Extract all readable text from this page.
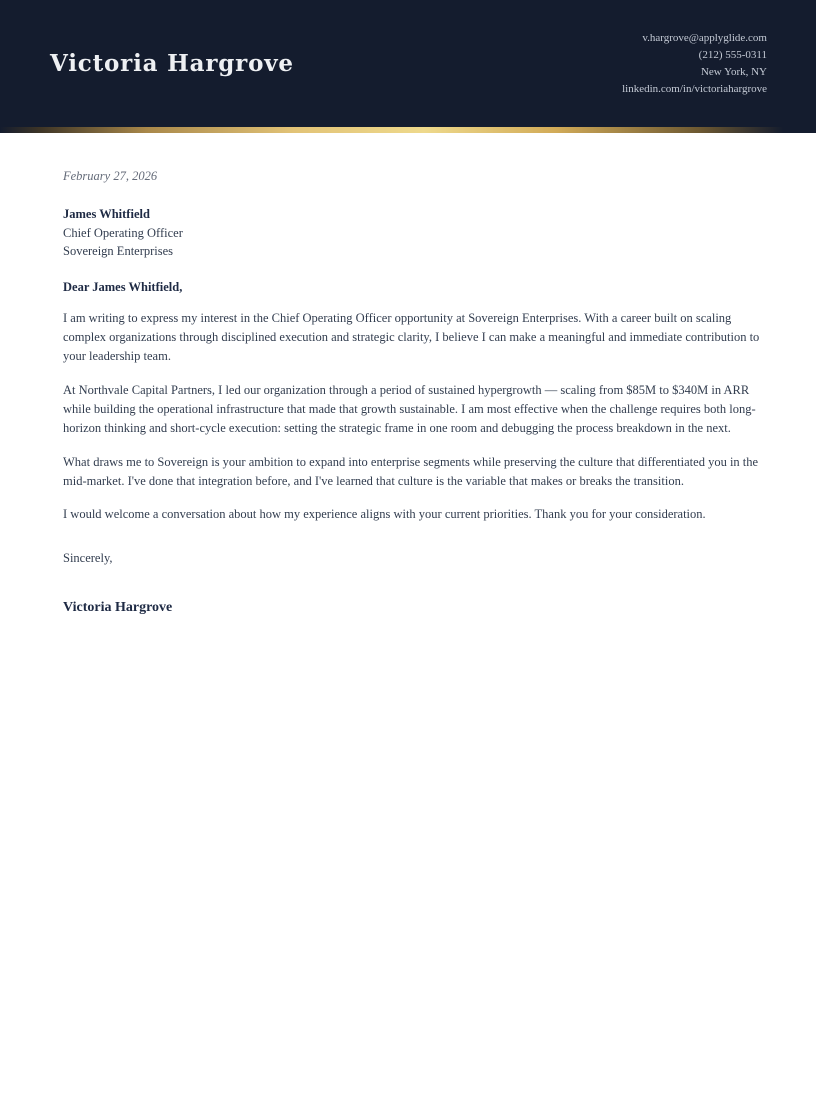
Victoria Hargrove
v.hargrove@applyglide.com
(212) 555-0311
New York, NY
linkedin.com/in/victoriahargrove

February 27, 2026

James Whitfield

Chief Operating Officer

Sovereign Enterprises

Dear James Whitfield,

I am writing to express my interest in the Chief Operating Officer opportunity at Sovereign Enterprises. With a career built on scaling complex organizations through disciplined execution and strategic clarity, I believe I can make a meaningful and immediate contribution to your leadership team.

At Northvale Capital Partners, I led our organization through a period of sustained hypergrowth — scaling from $85M to $340M in ARR while building the operational infrastructure that made that growth sustainable. I am most effective when the challenge requires both long-horizon thinking and short-cycle execution: setting the strategic frame in one room and debugging the process breakdown in the next.

What draws me to Sovereign is your ambition to expand into enterprise segments while preserving the culture that differentiated you in the mid-market. I've done that integration before, and I've learned that culture is the variable that makes or breaks the transition.

I would welcome a conversation about how my experience aligns with your current priorities. Thank you for your consideration.

Sincerely,

Victoria Hargrove
